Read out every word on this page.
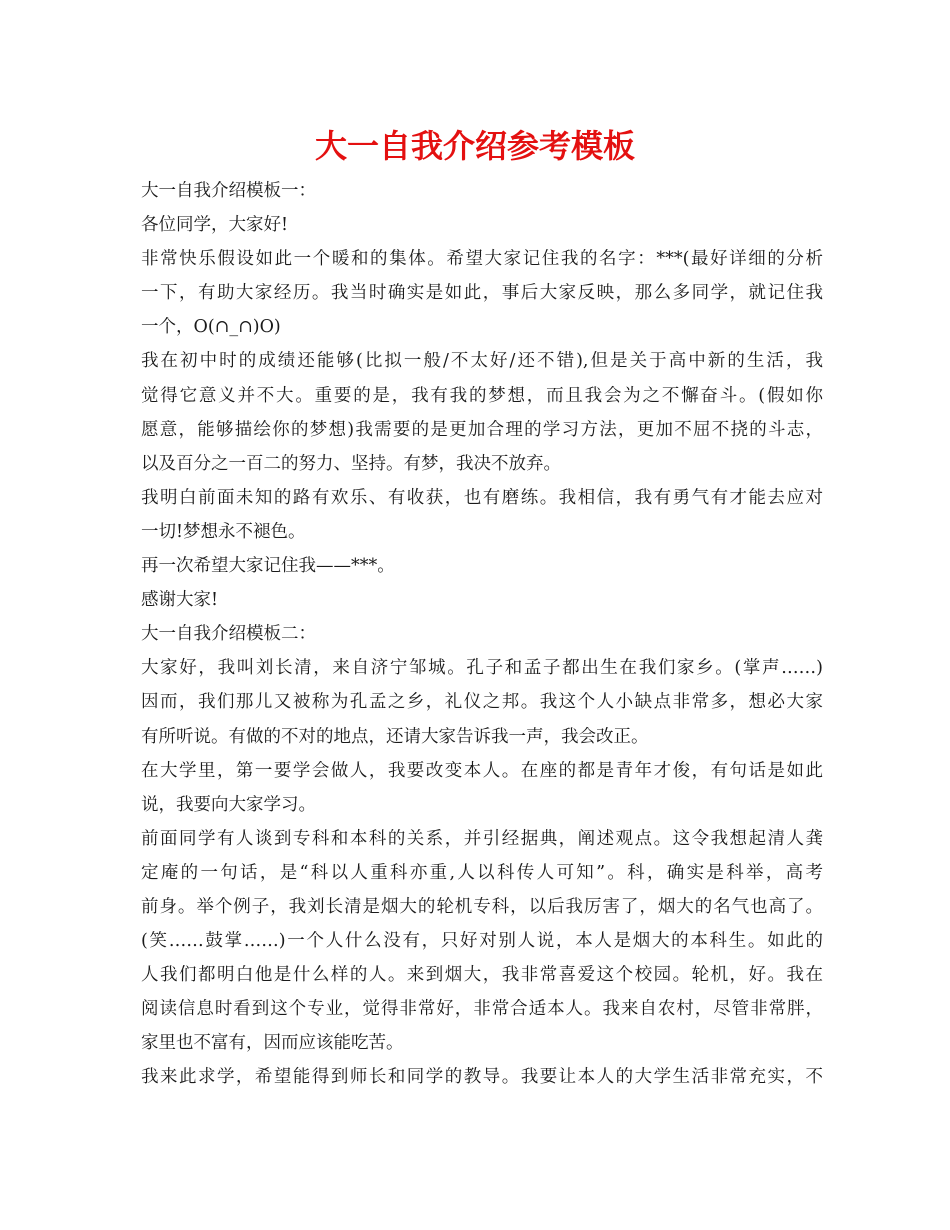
大一自我介绍参考模板
大一自我介绍模板一：
各位同学，大家好!
非常快乐假设如此一个暖和的集体。希望大家记住我的名字：***(最好详细的分析
一下，有助大家经历。我当时确实是如此，事后大家反映，那么多同学，就记住我
一个，O(∩_∩)O)
我在初中时的成绩还能够(比拟一般/不太好/还不错),但是关于高中新的生活，我
觉得它意义并不大。重要的是，我有我的梦想，而且我会为之不懈奋斗。(假如你
愿意，能够描绘你的梦想)我需要的是更加合理的学习方法，更加不屈不挠的斗志，
以及百分之一百二的努力、坚持。有梦，我决不放弃。
我明白前面未知的路有欢乐、有收获，也有磨练。我相信，我有勇气有才能去应对
一切!梦想永不褪色。
再一次希望大家记住我——***。
感谢大家!
大一自我介绍模板二：
大家好，我叫刘长清，来自济宁邹城。孔子和孟子都出生在我们家乡。(掌声……)
因而，我们那儿又被称为孔孟之乡，礼仪之邦。我这个人小缺点非常多，想必大家
有所听说。有做的不对的地点，还请大家告诉我一声，我会改正。
在大学里，第一要学会做人，我要改变本人。在座的都是青年才俊，有句话是如此
说，我要向大家学习。
前面同学有人谈到专科和本科的关系，并引经据典，阐述观点。这令我想起清人龚
定庵的一句话，是“科以人重科亦重,人以科传人可知”。科，确实是科举，高考
前身。举个例子，我刘长清是烟大的轮机专科，以后我厉害了，烟大的名气也高了。
(笑……鼓掌……)一个人什么没有，只好对别人说，本人是烟大的本科生。如此的
人我们都明白他是什么样的人。来到烟大，我非常喜爱这个校园。轮机，好。我在
阅读信息时看到这个专业，觉得非常好，非常合适本人。我来自农村，尽管非常胖，
家里也不富有，因而应该能吃苦。
我来此求学，希望能得到师长和同学的教导。我要让本人的大学生活非常充实，不
